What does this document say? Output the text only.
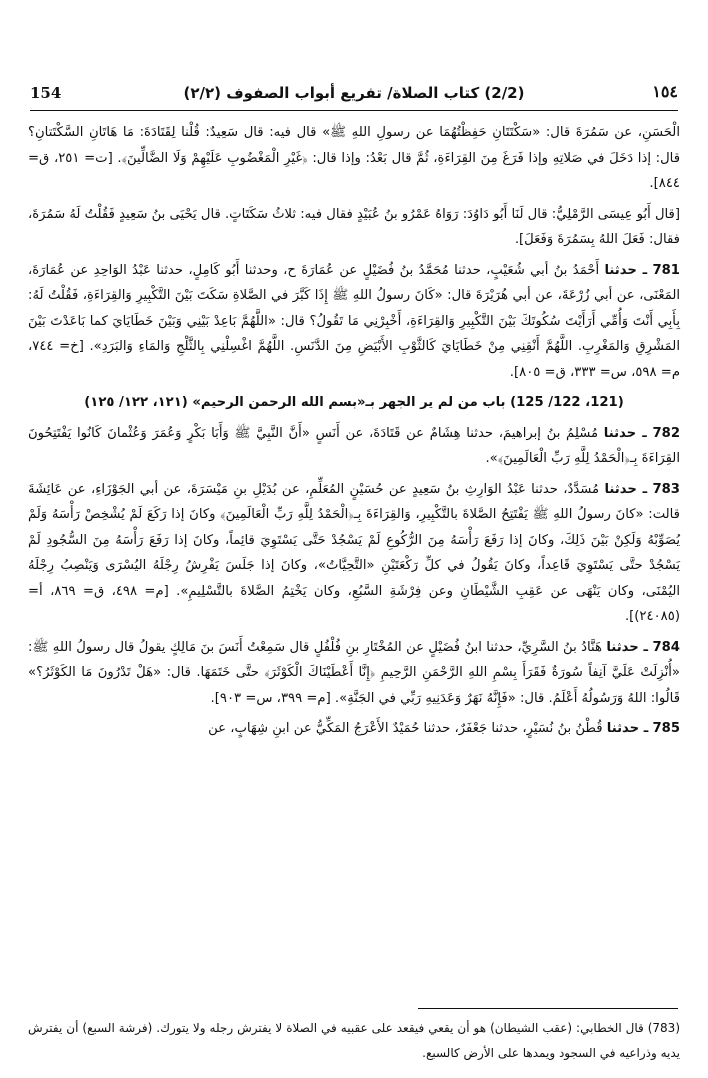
154	(2/2) كتاب الصلاة/ تفريع أبواب الصفوف (٢/٢)	١٥٤

الْحَسَنِ، عن سَمُرَةَ قال: «سَكْتَتَانِ حَفِظْتُهُمَا عن رسولِ اللهِ ﷺ» قال فيه: قال سَعِيدٌ: قُلْنا لِقَتَادَةَ: مَا هَاتَانِ السَّكْتَتانِ؟ قال: إذا دَخَلَ في صَلاتِهِ وإذا فَرَغَ مِنَ القِرَاءَةِ، ثُمَّ قال بَعْدُ: وإذا قال: ﴿غَيْرِ الْمَغْضُوبِ عَلَيْهِمْ وَلَا الضَّالِّينَ﴾. [ت= ٢٥١، ق= ٨٤٤].

[قال أَبُو عِيسَى الرَّمْلِيُّ: قال لَنَا أَبُو دَاوُدَ: رَوَاهُ عَمْرُو بنُ عُبَيْدٍ فقال فيه: ثلاثُ سَكَتَاتٍ. قال يَحْيَى بنُ سَعِيدٍ فَقُلْتُ لَهُ سَمُرَةَ، فقال: فَعَلَ اللهُ بِسَمُرَةَ وَفَعَلَ].

781 ـ حدثنا أَحْمَدُ بنُ أبي شُعَيْبٍ، حدثنا مُحَمَّدُ بنُ فُضَيْلٍ عن عُمَارَةَ ح، وحدثنا أَبُو كَامِلٍ، حدثنا عَبْدُ الوَاحِدِ عن عُمَارَةَ، المَعْنَى، عن أبي زُرْعَةَ، عن أبي هُرَيْرَةَ قال: «كَانَ رسولُ اللهِ ﷺ إِذَا كَبَّرَ في الصَّلاةِ سَكَتَ بَيْنَ التَّكْبِيرِ وَالقِرَاءَةِ، فَقُلْتُ لَهُ: بِأَبِي أَنْتَ وَأُمِّي أَرَأَيْتَ سُكُوتَكَ بَيْنَ التَّكْبِيرِ وَالقِرَاءَةِ، أَخْبِرْنِي مَا تَقُولُ؟ قال: «اللَّهُمَّ بَاعِدْ بَيْنِي وَبَيْنَ خَطَايَايَ كما بَاعَدْتَ بَيْنَ المَشْرِقِ وَالمَغْرِبِ. اللَّهُمَّ أَنْقِنِي مِنْ خَطَايَايَ كَالثَّوْبِ الأَبْيَضِ مِنَ الدَّنَسِ. اللَّهُمَّ اغْسِلْنِي بِالثَّلْجِ وَالمَاءِ وَالبَرَدِ». [خ= ٧٤٤، م= ٥٩٨، س= ٣٣٣، ق= ٨٠٥].

(121، 122/ 125) باب من لم ير الجهر بـ«بسم الله الرحمن الرحيم» (١٢١، ١٢٢/ ١٢٥)

782 ـ حدثنا مُسْلِمُ بنُ إبراهيمَ، حدثنا هِشَامٌ عن قَتَادَةَ، عن أَنَسٍ «أَنَّ النَّبِيَّ ﷺ وَأَبَا بَكْرٍ وَعُمَرَ وَعُثْمانَ كَانُوا يَفْتَتِحُونَ القِرَاءَةَ بِـ﴿الْحَمْدُ لِلَّهِ رَبِّ الْعَالَمِينَ﴾».

783 ـ حدثنا مُسَدَّدٌ، حدثنا عَبْدُ الوَارِثِ بنُ سَعِيدٍ عن حُسَيْنٍ المُعَلِّمِ، عن بُدَيْلِ بنِ مَيْسَرَةَ، عن أبي الجَوْزَاءِ، عن عَائِشَةَ قالت: «كانَ رسولُ اللهِ ﷺ يَفْتَتِحُ الصَّلاةَ بالتَّكْبِيرِ، وَالقِرَاءَةَ بِـ﴿الْحَمْدُ لِلَّهِ رَبِّ الْعَالَمِينَ﴾ وكانَ إذا رَكَعَ لَمْ يُشْخِصْ رَأْسَهُ وَلَمْ يُصَوِّبْهُ وَلَكِنْ بَيْنَ ذَلِكَ، وكانَ إذا رَفَعَ رَأْسَهُ مِنَ الرُّكُوعِ لَمْ يَسْجُدْ حَتَّى يَسْتَوِيَ قائِماً، وكانَ إذا رَفَعَ رَأْسَهُ مِنَ السُّجُودِ لَمْ يَسْجُدْ حتَّى يَسْتَوِيَ قَاعِداً، وكانَ يَقُولُ في كلِّ رَكْعَتَيْنِ «التَّحِيَّاتُ»، وكانَ إذا جَلَسَ يَفْرِشُ رِجْلَهُ اليُسْرَى وَيَنْصِبُ رِجْلَهُ اليُمْنَى، وكان يَنْهَى عن عَقِبِ الشَّيْطَانِ وعن فِرْشَةِ السَّبُعِ، وكان يَخْتِمُ الصَّلاةَ بالتَّسْلِيمِ». [م= ٤٩٨، ق= ٨٦٩، أ= (٢٤٠٨٥)].

784 ـ حدثنا هَنَّادُ بنُ السَّرِيِّ، حدثنا ابنُ فُضَيْلٍ عن المُخْتَارِ بنِ فُلْفُلٍ قال سَمِعْتُ أَنَسَ بنَ مَالِكٍ يقولُ قال رسولُ اللهِ ﷺ: «أُنْزِلَتْ عَلَيَّ آنِفاً سُورَةٌ فَقَرَأَ بِسْمِ اللهِ الرَّحْمَنِ الرَّحِيمِ ﴿إِنَّا أَعْطَيْنَاكَ الْكَوْثَرَ﴾ حتَّى خَتَمَهَا. قال: «هَلْ تَدْرُونَ مَا الكَوْثَرُ؟» قَالُوا: اللهُ وَرَسُولُهُ أَعْلَمُ. قال: «فَإِنَّهُ نَهَرٌ وَعَدَنِيهِ رَبِّي في الجَنَّةِ». [م= ٣٩٩، س= ٩٠٣].

785 ـ حدثنا قُطْنُ بنُ نُسَيْرٍ، حدثنا جَعْفَرٌ، حدثنا حُمَيْدٌ الأَعْرَجُ المَكِّيُّ عن ابنِ شِهَابٍ، عن

(783) قال الخطابي: (عقب الشيطان) هو أن يقعي فيقعد على عقبيه في الصلاة لا يفترش رجله ولا يتورك. (فرشة السبع) أن يفترش يديه وذراعيه في السجود ويمدها على الأرض كالسبع.
